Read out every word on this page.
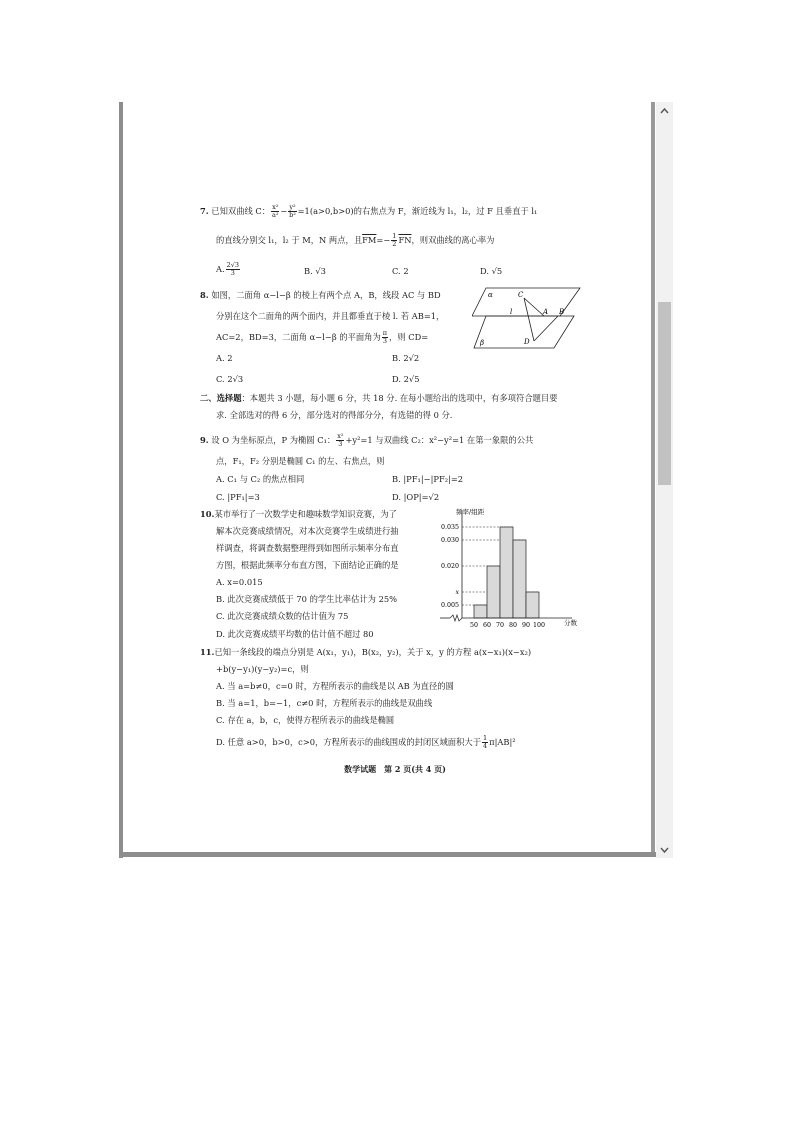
7. 已知双曲线 C： $\frac{\text{x²}}{\text{a²}} - \frac{\text{y²}}{\text{b²}} =1(a>0,b>0)$的右焦点为 F，渐近线为 l₁，l₂，过 F 且垂直于 l₁
的直线分别交 l₁，l₂ 于 M，N 两点，且$\overline{FM}=- \frac{1}{2} \overline{FN}$，则双曲线的离心率为
A. $\frac{2√3}{3}$	B. √3	C. 2	D. √5
8. 如图，二面角 α−l−β 的棱上有两个点 A，B，线段 AC 与 BD
分别在这个二面角的两个面内，并且都垂直于棱 l. 若 AB=1，
AC=2，BD=3，二面角 α−l−β 的平面角为 $\frac{\pi}{3}$ ，则 CD=
A. 2	B. 2√2
C. 2√3	D. 2√5
α	C
l	A B
β	D
二、选择题：本题共 3 小题，每小题 6 分，共 18 分. 在每小题给出的选项中，有多项符合题目要
求. 全部选对的得 6 分，部分选对的得部分分，有选错的得 0 分.
9. 设 O 为坐标原点，P 为椭圆 C₁： $\frac{\text{x²}}{3} +y^2=1$ 与双曲线 C₂：x²−y²=1 在第一象限的公共
点，F₁，F₂ 分别是椭圆 C₁ 的左、右焦点，则
A. C₁ 与 C₂ 的焦点相同	B. |PF₁|−|PF₂|=2
C. |PF₁|=3	D. |OP|=√2
10.某市举行了一次数学史和趣味数学知识竞赛，为了
解本次竞赛成绩情况，对本次竞赛学生成绩进行抽
样调查，将调查数据整理得到如图所示频率分布直
方图，根据此频率分布直方图，下面结论正确的是
A. x=0.015
B. 此次竞赛成绩低于 70 的学生比率估计为 25%
C. 此次竞赛成绩众数的估计值为 75
D. 此次竞赛成绩平均数的估计值不超过 80
频率/组距
分数
0.035
0.030
0.020
x
0.005
50 60 70 80 90 100
11.已知一条线段的端点分别是 A(x₁，y₁)，B(x₂，y₂)，关于 x，y 的方程 a(x−x₁)(x−x₂)
+b(y−y₁)(y−y₂)=c，则
A. 当 a=b≠0，c=0 时，方程所表示的曲线是以 AB 为直径的圆
B. 当 a=1，b=−1，c≠0 时，方程所表示的曲线是双曲线
C. 存在 a，b，c，使得方程所表示的曲线是椭圆
D. 任意 a>0，b>0，c>0，方程所表示的曲线围成的封闭区域面积大于 $\frac{1}{4} \pi|AB|^2$
数学试题　第 2 页(共 4 页)
